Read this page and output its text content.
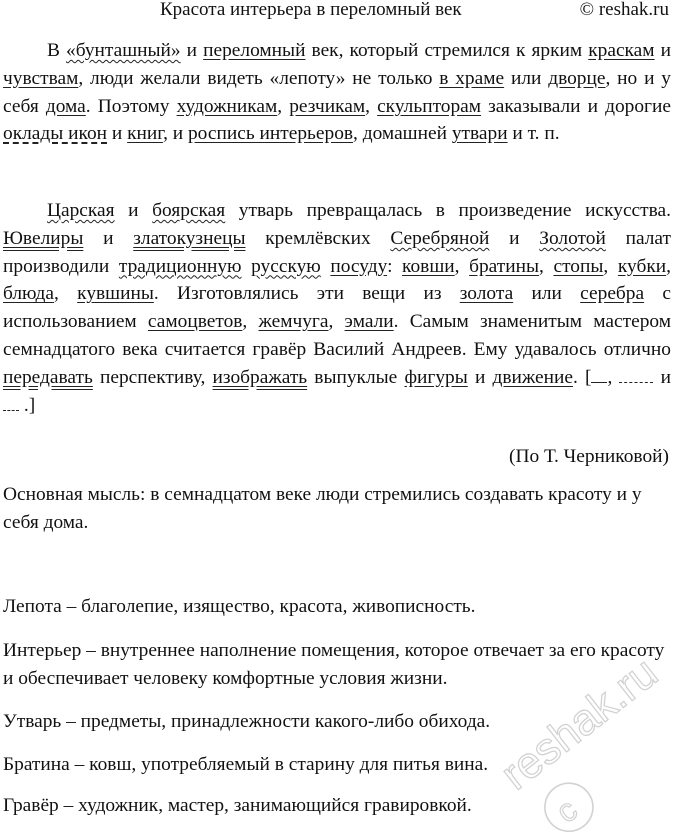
Красота интерьера в переломный век	© reshak.ru

В «бунташный» и переломный век, который стремился к ярким краскам и чувствам, люди желали видеть «лепоту» не только в храме или дворце, но и у себя дома. Поэтому художникам, резчикам, скульпторам заказывали и дорогие оклады икон и книг, и роспись интерьеров, домашней утвари и т. п.

Царская и боярская утварь превращалась в произведение искусства. Ювелиры и златокузнецы кремлёвских Серебряной и Золотой палат производили традиционную русскую посуду: ковши, братины, стопы, кубки, блюда, кувшины. Изготовлялись эти вещи из золота или серебра с использованием самоцветов, жемчуга, эмали. Самым знаменитым мастером семнадцатого века считается гравёр Василий Андреев. Ему удавалось отлично передавать перспективу, изображать выпуклые фигуры и движение. [ ,  и  .]

(По Т. Черниковой)

Основная мысль: в семнадцатом веке люди стремились создавать красоту и у себя дома.

Лепота – благолепие, изящество, красота, живописность.

Интерьер – внутреннее наполнение помещения, которое отвечает за его красоту и обеспечивает человеку комфортные условия жизни.

Утварь – предметы, принадлежности какого-либо обихода.

Братина – ковш, употребляемый в старину для питья вина.

Гравёр – художник, мастер, занимающийся гравировкой.

reshak.ru
c
